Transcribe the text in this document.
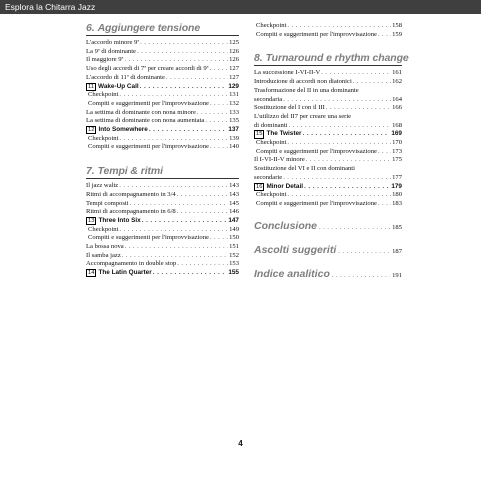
Esplora la Chitarra Jazz
6. Aggiungere tensione
L'accordo minore 9ª . . .	125
La 9ª di dominante . . .	126
Il maggiore 9ª . . .	126
Uso degli accordi di 7ª per creare accordi di 9ª . . .	127
L'accordo di 11ª di dominante . . .	127
11 Wake-Up Call . . .	129
Checkpoint . . .	131
Compiti e suggerimenti per l'improvvisazione . . .	132
La settima di dominante con nona minore . . .	133
La settima di dominante con nona aumentata . . .	135
12 Into Somewhere . . .	137
Checkpoint . . .	139
Compiti e suggerimenti per l'improvvisazione . . .	140
7. Tempi & ritmi
Il jazz waltz . . .	143
Ritmi di accompagnamento in 3/4 . . .	143
Tempi composti . . .	145
Ritmi di accompagnamento in 6/8 . . .	146
13 Three Into Six . . .	147
Checkpoint . . .	149
Compiti e suggerimenti per l'improvvisazione . . .	150
La bossa nova . . .	151
Il samba jazz . . .	152
Accompagnamento in double stop . . .	153
14 The Latin Quarter . . .	155
Checkpoint . . .	158
Compiti e suggerimenti per l'improvvisazione . . . 159
8. Turnaround e rhythm change
La successione I-VI-II-V . . .	161
Introduzione di accordi non diatonici . . .	162
Trasformazione del II in una dominante
secondaria . . .	164
Sostituzione del I con il III . . .	166
L'utilizzo del II7 per creare una serie
di dominanti . . .	168
15 The Twister . . .	169
Checkpoint . . .	170
Compiti e suggerimenti per l'improvvisazione . . . 173
Il I-VI-II-V minore . . .	175
Sostituzione del VI e II con dominanti
secondarie . . .	177
16 Minor Detail . . .	179
Checkpoint . . .	180
Compiti e suggerimenti per l'improvvisazione . . . 183
Conclusione . . .	185
Ascolti suggeriti . . .	187
Indice analitico . . .	191
4
